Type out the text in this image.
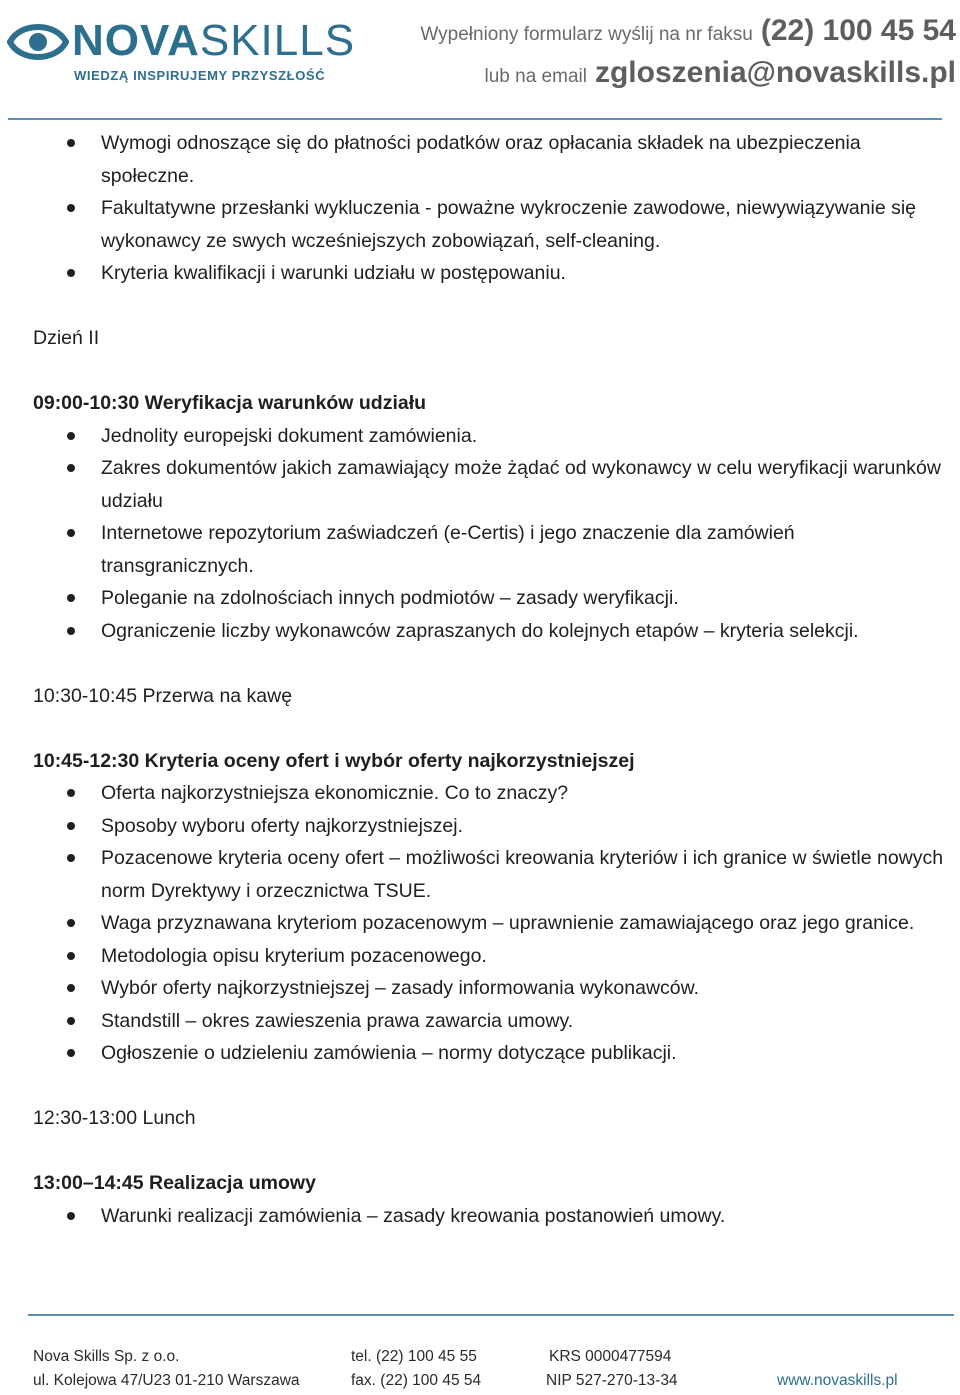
NOVASKILLS
WIEDZĄ INSPIRUJEMY PRZYSZŁOŚĆ
Wypełniony formularz wyślij na nr faksu (22) 100 45 54
lub na email zgloszenia@novaskills.pl
Wymogi odnoszące się do płatności podatków oraz opłacania składek na ubezpieczenia społeczne.
Fakultatywne przesłanki wykluczenia - poważne wykroczenie zawodowe, niewywiązywanie się wykonawcy ze swych wcześniejszych zobowiązań, self-cleaning.
Kryteria kwalifikacji i warunki udziału w postępowaniu.
Dzień II
09:00-10:30 Weryfikacja warunków udziału
Jednolity europejski dokument zamówienia.
Zakres dokumentów jakich zamawiający może żądać od wykonawcy w celu weryfikacji warunków udziału
Internetowe repozytorium zaświadczeń (e-Certis) i jego znaczenie dla zamówień transgranicznych.
Poleganie na zdolnościach innych podmiotów – zasady weryfikacji.
Ograniczenie liczby wykonawców zapraszanych do kolejnych etapów – kryteria selekcji.
10:30-10:45 Przerwa na kawę
10:45-12:30 Kryteria oceny ofert i wybór oferty najkorzystniejszej
Oferta najkorzystniejsza ekonomicznie. Co to znaczy?
Sposoby wyboru oferty najkorzystniejszej.
Pozacenowe kryteria oceny ofert – możliwości kreowania kryteriów i ich granice w świetle nowych norm Dyrektywy i orzecznictwa TSUE.
Waga przyznawana kryteriom pozacenowym – uprawnienie zamawiającego oraz jego granice.
Metodologia opisu kryterium pozacenowego.
Wybór oferty najkorzystniejszej – zasady informowania wykonawców.
Standstill – okres zawieszenia prawa zawarcia umowy.
Ogłoszenie o udzieleniu zamówienia – normy dotyczące publikacji.
12:30-13:00 Lunch
13:00–14:45 Realizacja umowy
Warunki realizacji zamówienia – zasady kreowania postanowień umowy.
Nova Skills Sp. z o.o.
ul. Kolejowa 47/U23 01-210 Warszawa
tel. (22) 100 45 55
fax. (22) 100 45 54
KRS 0000477594
NIP 527-270-13-34	www.novaskills.pl
